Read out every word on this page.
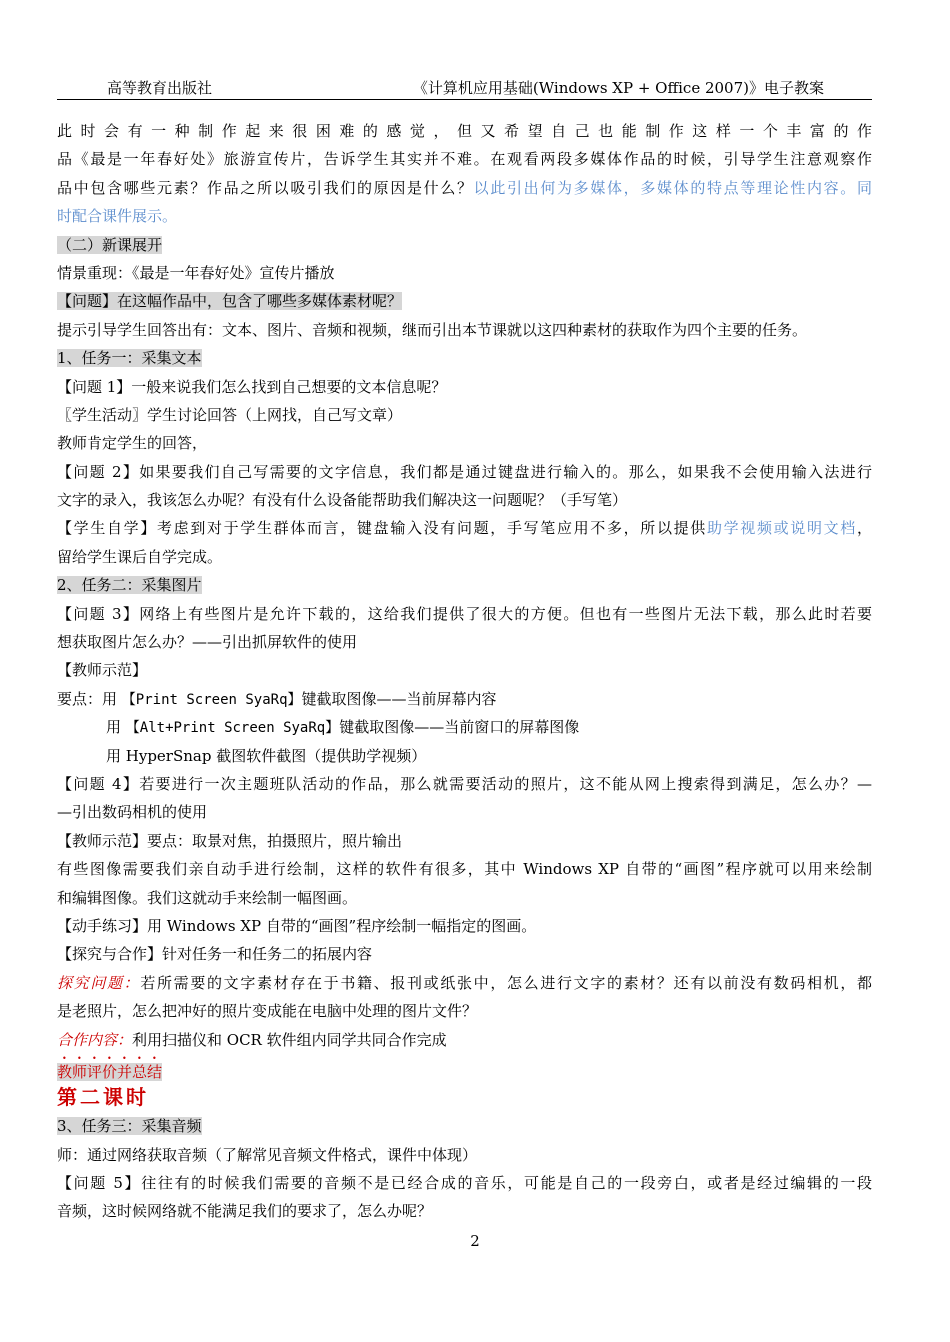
高等教育出版社	《计算机应用基础(Windows XP + Office 2007)》电子教案
此时会有一种制作起来很困难的感觉，但又希望自己也能制作这样一个丰富的作
品《最是一年春好处》旅游宣传片，告诉学生其实并不难。在观看两段多媒体作品的时候，引导学生注意观察作
品中包含哪些元素？作品之所以吸引我们的原因是什么？以此引出何为多媒体，多媒体的特点等理论性内容。同
时配合课件展示。
（二）新课展开
情景重现：《最是一年春好处》宣传片播放
【问题】在这幅作品中，包含了哪些多媒体素材呢？
提示引导学生回答出有：文本、图片、音频和视频，继而引出本节课就以这四种素材的获取作为四个主要的任务。
1、任务一：采集文本
【问题 1】一般来说我们怎么找到自己想要的文本信息呢？
〖学生活动〗学生讨论回答（上网找，自己写文章）
教师肯定学生的回答，
【问题 2】如果要我们自己写需要的文字信息，我们都是通过键盘进行输入的。那么，如果我不会使用输入法进行
文字的录入，我该怎么办呢？有没有什么设备能帮助我们解决这一问题呢？（手写笔）
【学生自学】考虑到对于学生群体而言，键盘输入没有问题，手写笔应用不多，所以提供助学视频或说明文档，
留给学生课后自学完成。
2、任务二：采集图片
【问题 3】网络上有些图片是允许下载的，这给我们提供了很大的方便。但也有一些图片无法下载，那么此时若要
想获取图片怎么办？——引出抓屏软件的使用
【教师示范】
要点：用 【Print Screen SyaRq】键截取图像——当前屏幕内容
用 【Alt+Print Screen SyaRq】键截取图像——当前窗口的屏幕图像
用 HyperSnap 截图软件截图（提供助学视频）
【问题 4】若要进行一次主题班队活动的作品，那么就需要活动的照片，这不能从网上搜索得到满足，怎么办？—
—引出数码相机的使用
【教师示范】要点：取景对焦，拍摄照片，照片输出
有些图像需要我们亲自动手进行绘制，这样的软件有很多，其中 Windows XP 自带的“画图”程序就可以用来绘制
和编辑图像。我们这就动手来绘制一幅图画。
【动手练习】用 Windows XP 自带的“画图”程序绘制一幅指定的图画。
【探究与合作】针对任务一和任务二的拓展内容
探究问题：若所需要的文字素材存在于书籍、报刊或纸张中，怎么进行文字的素材？还有以前没有数码相机，都
是老照片，怎么把冲好的照片变成能在电脑中处理的图片文件？
合作内容：利用扫描仪和 OCR 软件组内同学共同合作完成
教师评价并总结
第二课时
3、任务三：采集音频
师：通过网络获取音频（了解常见音频文件格式，课件中体现）
【问题 5】往往有的时候我们需要的音频不是已经合成的音乐，可能是自己的一段旁白，或者是经过编辑的一段
音频，这时候网络就不能满足我们的要求了，怎么办呢？
2
